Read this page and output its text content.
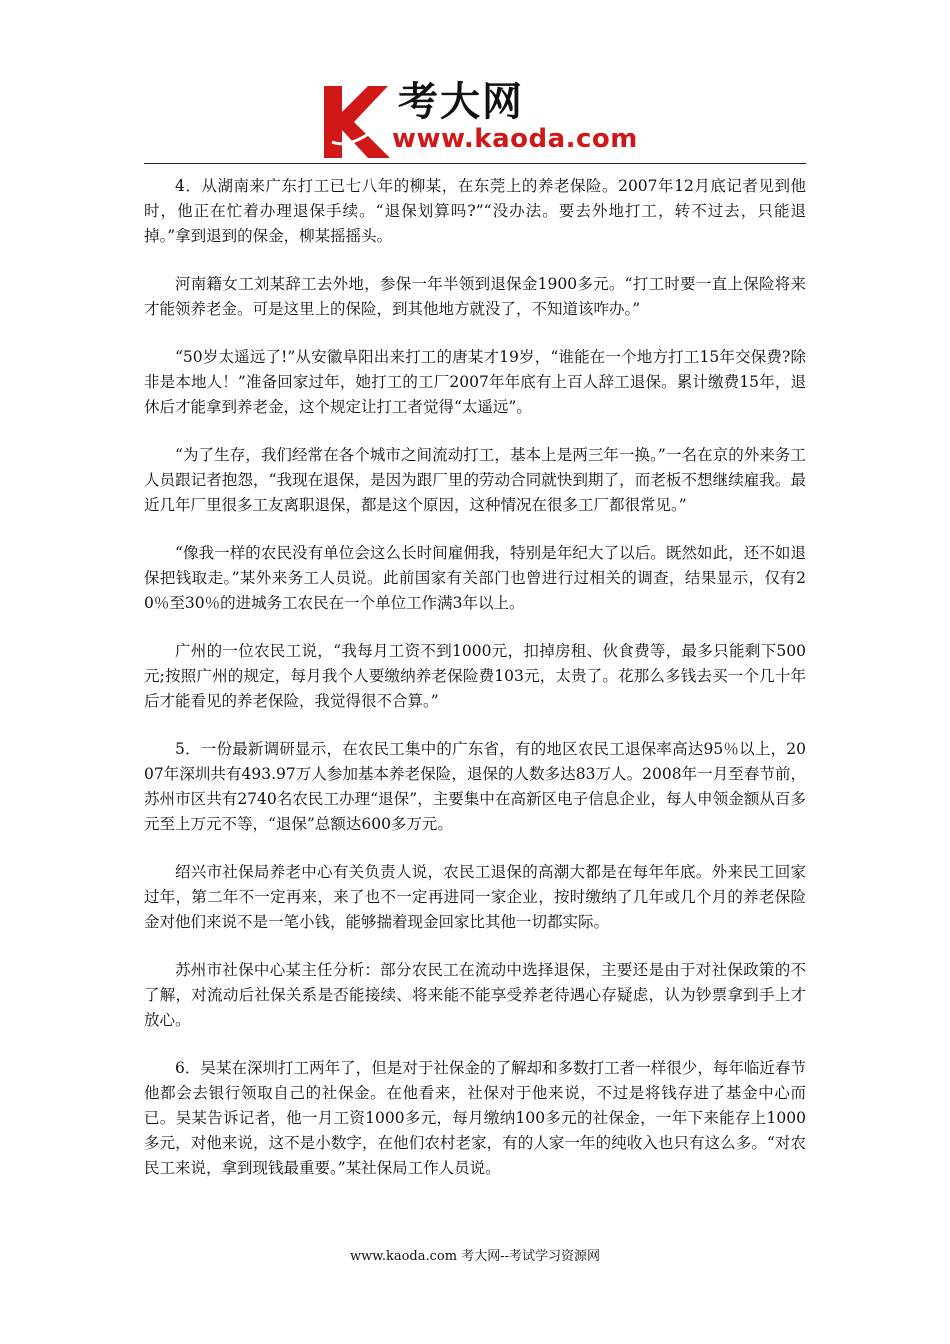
考大网
www.kaoda.com

4．从湖南来广东打工已七八年的柳某，在东莞上的养老保险。2007年12月底记者见到他时，他正在忙着办理退保手续。“退保划算吗?”“没办法。要去外地打工，转不过去，只能退掉。”拿到退到的保金，柳某摇摇头。

河南籍女工刘某辞工去外地，参保一年半领到退保金1900多元。“打工时要一直上保险将来才能领养老金。可是这里上的保险，到其他地方就没了，不知道该咋办。”

“50岁太遥远了!”从安徽阜阳出来打工的唐某才19岁，“谁能在一个地方打工15年交保费?除非是本地人！”准备回家过年，她打工的工厂2007年年底有上百人辞工退保。累计缴费15年，退休后才能拿到养老金，这个规定让打工者觉得“太遥远”。

“为了生存，我们经常在各个城市之间流动打工，基本上是两三年一换。”一名在京的外来务工人员跟记者抱怨，“我现在退保，是因为跟厂里的劳动合同就快到期了，而老板不想继续雇我。最近几年厂里很多工友离职退保，都是这个原因，这种情况在很多工厂都很常见。”

“像我一样的农民没有单位会这么长时间雇佣我，特别是年纪大了以后。既然如此，还不如退保把钱取走。”某外来务工人员说。此前国家有关部门也曾进行过相关的调查，结果显示，仅有20％至30％的进城务工农民在一个单位工作满3年以上。

广州的一位农民工说，“我每月工资不到1000元，扣掉房租、伙食费等，最多只能剩下500元;按照广州的规定，每月我个人要缴纳养老保险费103元，太贵了。花那么多钱去买一个几十年后才能看见的养老保险，我觉得很不合算。”

5．一份最新调研显示，在农民工集中的广东省，有的地区农民工退保率高达95％以上，2007年深圳共有493.97万人参加基本养老保险，退保的人数多达83万人。2008年一月至春节前，苏州市区共有2740名农民工办理“退保”，主要集中在高新区电子信息企业，每人申领金额从百多元至上万元不等，“退保”总额达600多万元。

绍兴市社保局养老中心有关负责人说，农民工退保的高潮大都是在每年年底。外来民工回家过年，第二年不一定再来，来了也不一定再进同一家企业，按时缴纳了几年或几个月的养老保险金对他们来说不是一笔小钱，能够揣着现金回家比其他一切都实际。

苏州市社保中心某主任分析：部分农民工在流动中选择退保，主要还是由于对社保政策的不了解，对流动后社保关系是否能接续、将来能不能享受养老待遇心存疑虑，认为钞票拿到手上才放心。

6．吴某在深圳打工两年了，但是对于社保金的了解却和多数打工者一样很少，每年临近春节他都会去银行领取自己的社保金。在他看来，社保对于他来说，不过是将钱存进了基金中心而已。吴某告诉记者，他一月工资1000多元，每月缴纳100多元的社保金，一年下来能存上1000多元，对他来说，这不是小数字，在他们农村老家，有的人家一年的纯收入也只有这么多。“对农民工来说，拿到现钱最重要。”某社保局工作人员说。

www.kaoda.com 考大网--考试学习资源网
